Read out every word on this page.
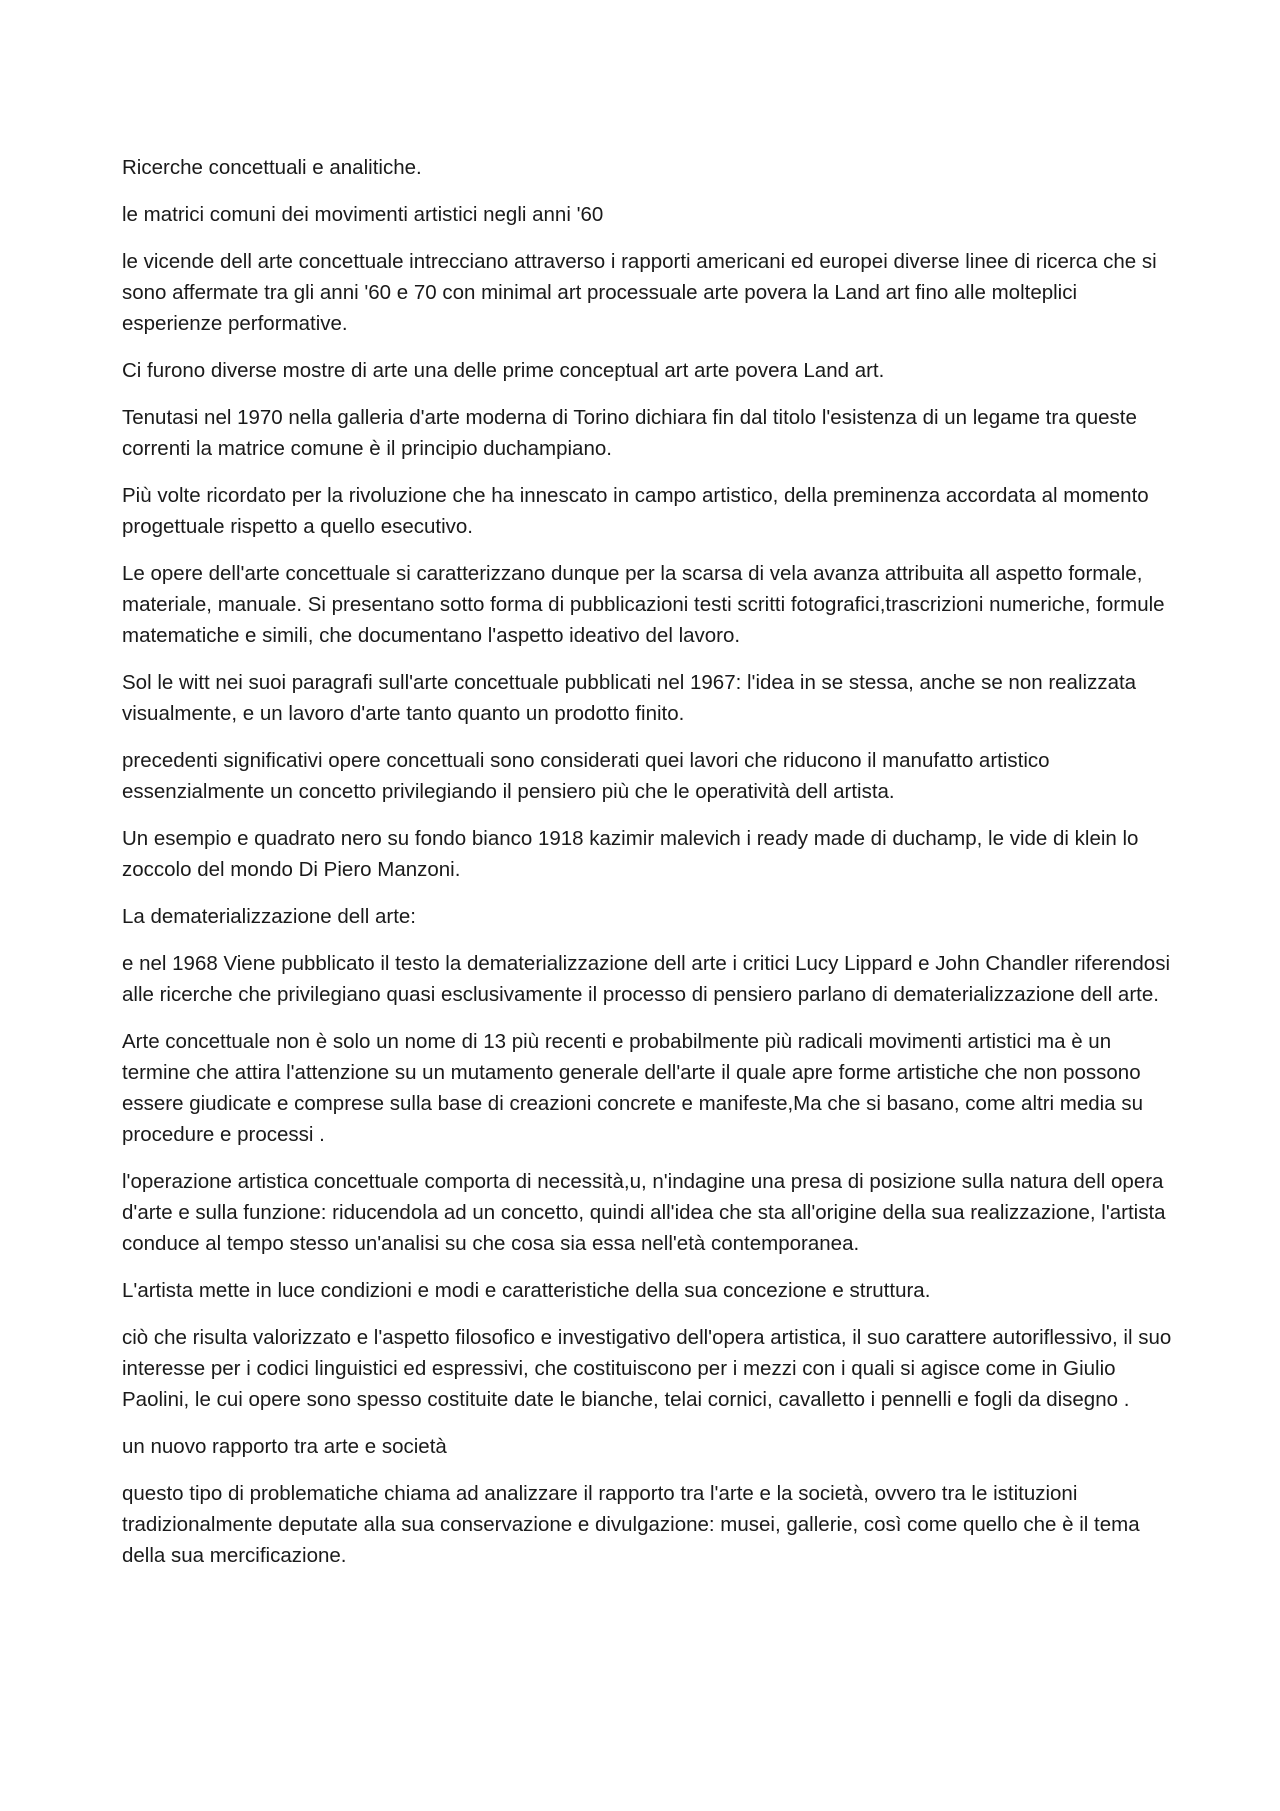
Ricerche concettuali e analitiche.

le matrici comuni dei movimenti artistici negli anni '60

le vicende dell arte concettuale intrecciano attraverso i rapporti americani ed europei diverse linee di ricerca che si sono affermate tra gli anni '60 e 70 con minimal art processuale arte povera la Land art fino alle molteplici esperienze performative.

Ci furono diverse mostre di arte una delle prime conceptual art arte povera Land art.

Tenutasi nel 1970 nella galleria d'arte moderna di Torino dichiara fin dal titolo l'esistenza di un legame tra queste correnti la matrice comune è il principio duchampiano.

Più volte ricordato per la rivoluzione che ha innescato in campo artistico, della preminenza accordata al momento progettuale rispetto a quello esecutivo.

Le opere dell'arte concettuale si caratterizzano dunque per la scarsa di vela avanza attribuita all aspetto formale, materiale, manuale. Si presentano sotto forma di pubblicazioni testi scritti fotografici,trascrizioni numeriche, formule matematiche e simili, che documentano l'aspetto ideativo del lavoro.

Sol le witt nei suoi paragrafi sull'arte concettuale pubblicati nel 1967: l'idea in se stessa, anche se non realizzata visualmente, e un lavoro d'arte tanto quanto un prodotto finito.

precedenti significativi opere concettuali sono considerati quei lavori che riducono il manufatto artistico essenzialmente un concetto privilegiando il pensiero più che le operatività dell artista.

Un esempio e quadrato nero su fondo bianco 1918 kazimir malevich i ready made di duchamp, le vide di klein lo zoccolo del mondo Di Piero Manzoni.

La dematerializzazione dell arte:

e nel 1968 Viene pubblicato il testo la dematerializzazione dell arte i critici Lucy Lippard e John Chandler riferendosi alle ricerche che privilegiano quasi esclusivamente il processo di pensiero parlano di dematerializzazione dell arte.

Arte concettuale non è solo un nome di 13 più recenti e probabilmente più radicali movimenti artistici ma è un termine che attira l'attenzione su un mutamento generale dell'arte il quale apre forme artistiche che non possono essere giudicate e comprese sulla base di creazioni concrete e manifeste,Ma che si basano, come altri media su procedure e processi .

l'operazione artistica concettuale comporta di necessità,u, n'indagine una presa di posizione sulla natura dell opera d'arte e sulla funzione: riducendola ad un concetto, quindi all'idea che sta all'origine della sua realizzazione, l'artista conduce al tempo stesso un'analisi su che cosa sia essa nell'età contemporanea.

L'artista mette in luce condizioni e modi e caratteristiche della sua concezione e struttura.

ciò che risulta valorizzato e l'aspetto filosofico e investigativo dell'opera artistica, il suo carattere autoriflessivo, il suo interesse per i codici linguistici ed espressivi, che costituiscono per i mezzi con i quali si agisce come in Giulio Paolini, le cui opere sono spesso costituite date le bianche, telai cornici, cavalletto i pennelli e fogli da disegno .

un nuovo rapporto tra arte e società

questo tipo di problematiche chiama ad analizzare il rapporto tra l'arte e la società, ovvero tra le istituzioni tradizionalmente deputate alla sua conservazione e divulgazione: musei, gallerie, così come quello che è il tema della sua mercificazione.
